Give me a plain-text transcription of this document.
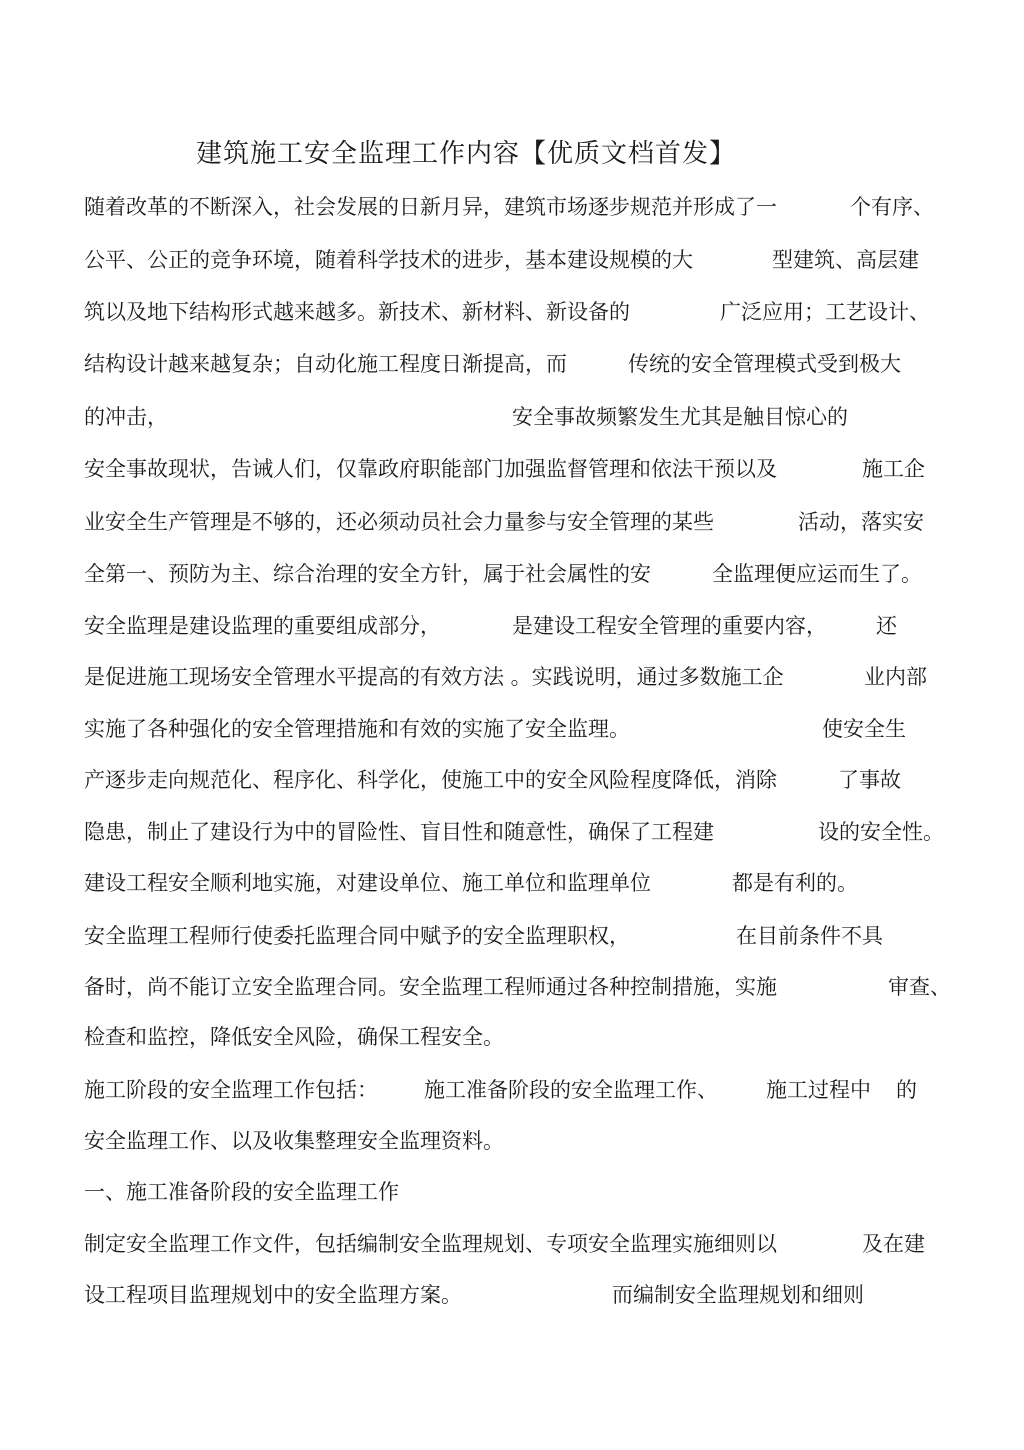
建筑施工安全监理工作内容【优质文档首发】
随着改革的不断深入，社会发展的日新月异，建筑市场逐步规范并形成了一	个有序、
公平、公正的竞争环境，随着科学技术的进步，基本建设规模的大	型建筑、高层建
筑以及地下结构形式越来越多。新技术、新材料、新设备的	广泛应用；工艺设计、
结构设计越来越复杂；自动化施工程度日渐提高，而	传统的安全管理模式受到极大
的冲击，	安全事故频繁发生尤其是触目惊心的
安全事故现状，告诫人们，仅靠政府职能部门加强监督管理和依法干预以及	施工企
业安全生产管理是不够的，还必须动员社会力量参与安全管理的某些	活动，落实安
全第一、预防为主、综合治理的安全方针，属于社会属性的安	全监理便应运而生了。
安全监理是建设监理的重要组成部分，	是建设工程安全管理的重要内容， 还
是促进施工现场安全管理水平提高的有效方法 。实践说明，通过多数施工企	业内部
实施了各种强化的安全管理措施和有效的实施了安全监理。	使安全生
产逐步走向规范化、程序化、科学化，使施工中的安全风险程度降低，消除	了事故
隐患，制止了建设行为中的冒险性、盲目性和随意性，确保了工程建	设的安全性。
建设工程安全顺利地实施，对建设单位、施工单位和监理单位	都是有利的。
安全监理工程师行使委托监理合同中赋予的安全监理职权，	在目前条件不具
备时，尚不能订立安全监理合同。安全监理工程师通过各种控制措施，实施	审查、
检查和监控，降低安全风险，确保工程安全。
施工阶段的安全监理工作包括： 施工准备阶段的安全监理工作、 施工过程中 的
安全监理工作、以及收集整理安全监理资料。
一、施工准备阶段的安全监理工作
制定安全监理工作文件，包括编制安全监理规划、专项安全监理实施细则以	及在建
设工程项目监理规划中的安全监理方案。	而编制安全监理规划和细则
